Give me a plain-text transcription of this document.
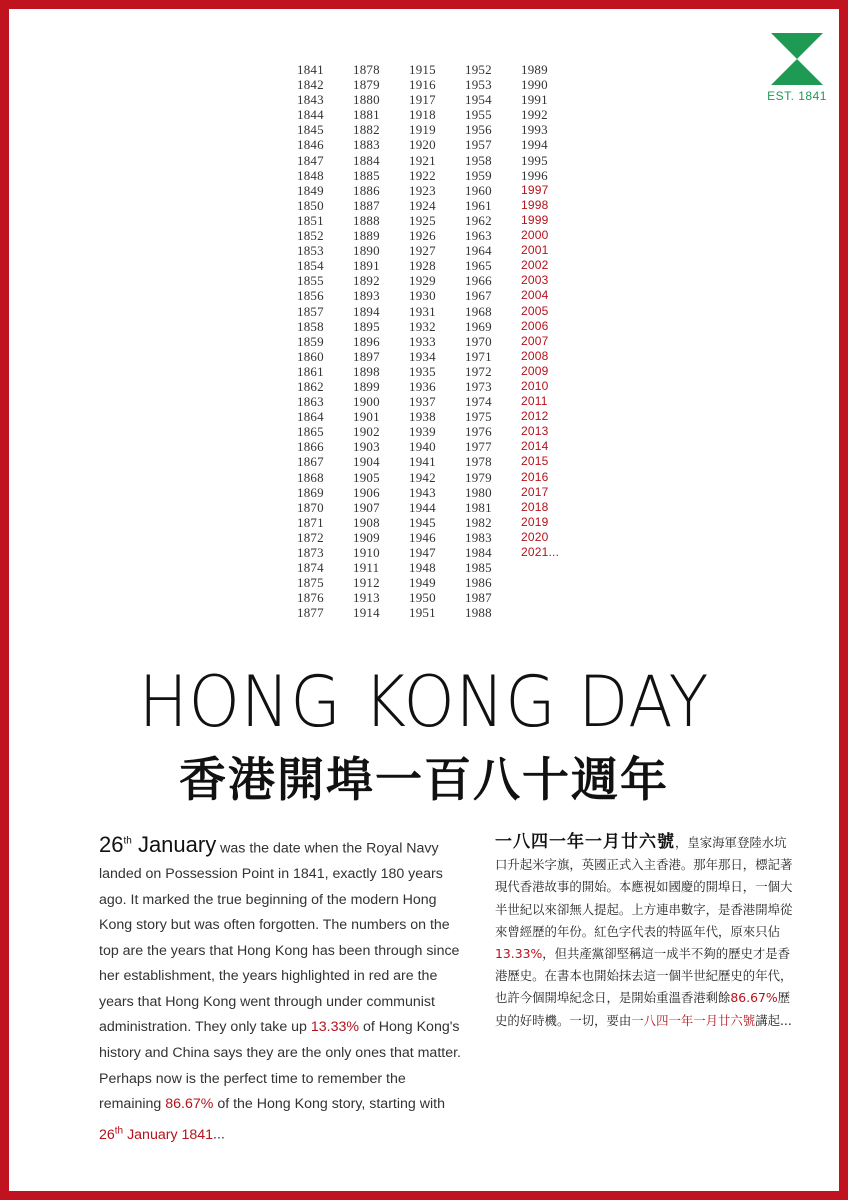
EST. 1841
1841
1842
1843
1844
1845
1846
1847
1848
1849
1850
1851
1852
1853
1854
1855
1856
1857
1858
1859
1860
1861
1862
1863
1864
1865
1866
1867
1868
1869
1870
1871
1872
1873
1874
1875
1876
1877
1878
1879
1880
1881
1882
1883
1884
1885
1886
1887
1888
1889
1890
1891
1892
1893
1894
1895
1896
1897
1898
1899
1900
1901
1902
1903
1904
1905
1906
1907
1908
1909
1910
1911
1912
1913
1914
1915
1916
1917
1918
1919
1920
1921
1922
1923
1924
1925
1926
1927
1928
1929
1930
1931
1932
1933
1934
1935
1936
1937
1938
1939
1940
1941
1942
1943
1944
1945
1946
1947
1948
1949
1950
1951
1952
1953
1954
1955
1956
1957
1958
1959
1960
1961
1962
1963
1964
1965
1966
1967
1968
1969
1970
1971
1972
1973
1974
1975
1976
1977
1978
1979
1980
1981
1982
1983
1984
1985
1986
1987
1988
1989
1990
1991
1992
1993
1994
1995
1996
1997
1998
1999
2000
2001
2002
2003
2004
2005
2006
2007
2008
2009
2010
2011
2012
2013
2014
2015
2016
2017
2018
2019
2020
2021...
HONG KONG DAY
香港開埠一百八十週年
26th January was the date when the Royal Navy landed on Possession Point in 1841, exactly 180 years ago. It marked the true beginning of the modern Hong Kong story but was often forgotten. The numbers on the top are the years that Hong Kong has been through since her establishment, the years highlighted in red are the years that Hong Kong went through under communist administration. They only take up 13.33% of Hong Kong's history and China says they are the only ones that matter. Perhaps now is the perfect time to remember the remaining 86.67% of the Hong Kong story, starting with 26th January 1841...
一八四一年一月廿六號，皇家海軍登陸水坑口升起米字旗，英國正式入主香港。那年那日，標記著現代香港故事的開始。本應視如國慶的開埠日，一個大半世紀以來卻無人提起。上方連串數字，是香港開埠從來曾經歷的年份。紅色字代表的特區年代，原來只佔13.33%，但共產黨卻堅稱這一成半不夠的歷史才是香港歷史。在書本也開始抹去這一個半世紀歷史的年代，也許今個開埠紀念日，是開始重溫香港剩餘86.67%歷史的好時機。一切，要由一八四一年一月廿六號講起...
